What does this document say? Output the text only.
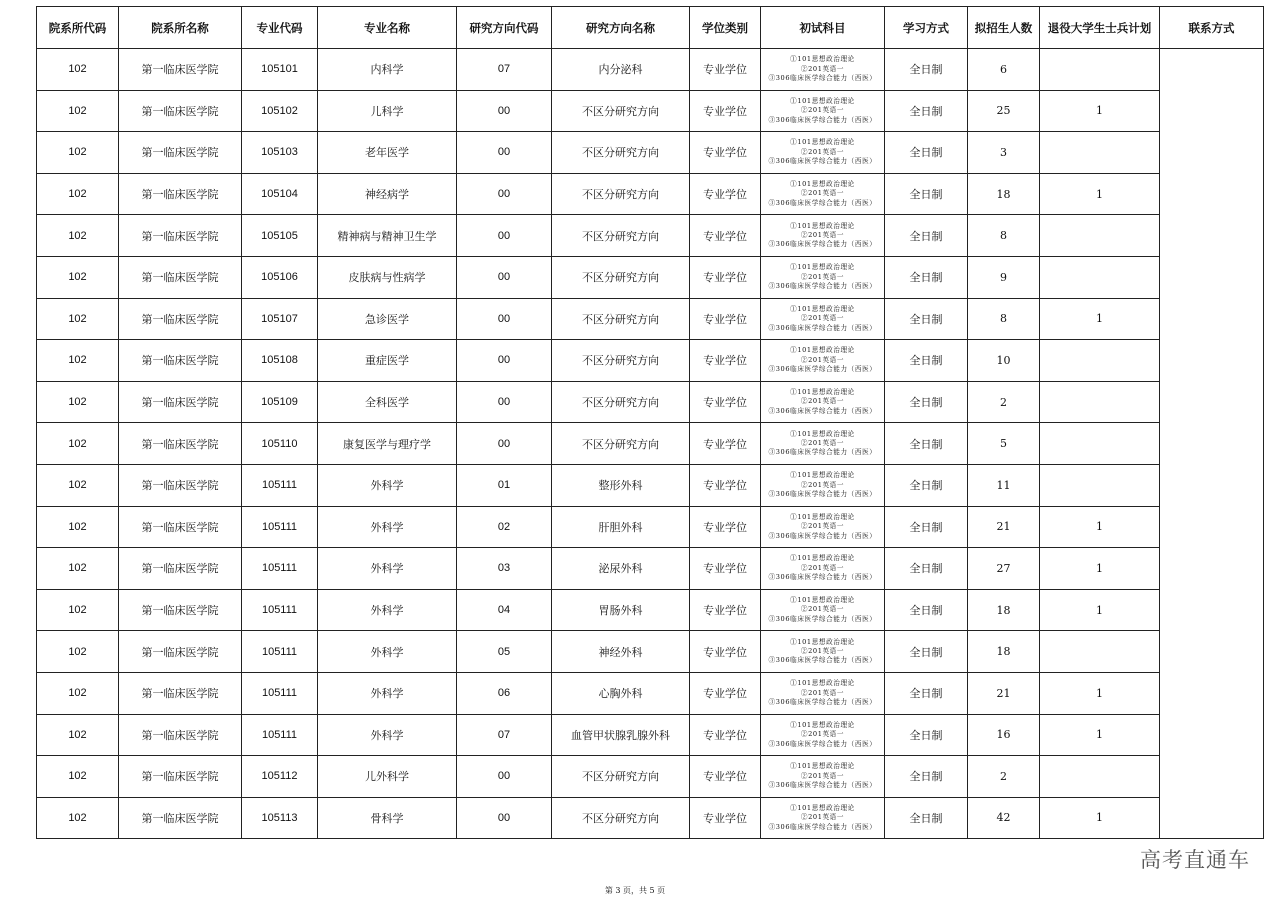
院系所代码	院系所名称	专业代码	专业名称	研究方向代码	研究方向名称	学位类别	初试科目	学习方式	拟招生人数	退役大学生士兵计划	联系方式
102	第一临床医学院	105101	内科学	07	内分泌科	专业学位	①101思想政治理论
②201英语一
③306临床医学综合能力（西医）	全日制	6		
102	第一临床医学院	105102	儿科学	00	不区分研究方向	专业学位	①101思想政治理论
②201英语一
③306临床医学综合能力（西医）	全日制	25	1	
102	第一临床医学院	105103	老年医学	00	不区分研究方向	专业学位	①101思想政治理论
②201英语一
③306临床医学综合能力（西医）	全日制	3		
102	第一临床医学院	105104	神经病学	00	不区分研究方向	专业学位	①101思想政治理论
②201英语一
③306临床医学综合能力（西医）	全日制	18	1	
102	第一临床医学院	105105	精神病与精神卫生学	00	不区分研究方向	专业学位	①101思想政治理论
②201英语一
③306临床医学综合能力（西医）	全日制	8		
102	第一临床医学院	105106	皮肤病与性病学	00	不区分研究方向	专业学位	①101思想政治理论
②201英语一
③306临床医学综合能力（西医）	全日制	9		
102	第一临床医学院	105107	急诊医学	00	不区分研究方向	专业学位	①101思想政治理论
②201英语一
③306临床医学综合能力（西医）	全日制	8	1	
102	第一临床医学院	105108	重症医学	00	不区分研究方向	专业学位	①101思想政治理论
②201英语一
③306临床医学综合能力（西医）	全日制	10		
102	第一临床医学院	105109	全科医学	00	不区分研究方向	专业学位	①101思想政治理论
②201英语一
③306临床医学综合能力（西医）	全日制	2		
102	第一临床医学院	105110	康复医学与理疗学	00	不区分研究方向	专业学位	①101思想政治理论
②201英语一
③306临床医学综合能力（西医）	全日制	5		
102	第一临床医学院	105111	外科学	01	整形外科	专业学位	①101思想政治理论
②201英语一
③306临床医学综合能力（西医）	全日制	11		
102	第一临床医学院	105111	外科学	02	肝胆外科	专业学位	①101思想政治理论
②201英语一
③306临床医学综合能力（西医）	全日制	21	1	
102	第一临床医学院	105111	外科学	03	泌尿外科	专业学位	①101思想政治理论
②201英语一
③306临床医学综合能力（西医）	全日制	27	1	
102	第一临床医学院	105111	外科学	04	胃肠外科	专业学位	①101思想政治理论
②201英语一
③306临床医学综合能力（西医）	全日制	18	1	
102	第一临床医学院	105111	外科学	05	神经外科	专业学位	①101思想政治理论
②201英语一
③306临床医学综合能力（西医）	全日制	18		
102	第一临床医学院	105111	外科学	06	心胸外科	专业学位	①101思想政治理论
②201英语一
③306临床医学综合能力（西医）	全日制	21	1	
102	第一临床医学院	105111	外科学	07	血管甲状腺乳腺外科	专业学位	①101思想政治理论
②201英语一
③306临床医学综合能力（西医）	全日制	16	1	
102	第一临床医学院	105112	儿外科学	00	不区分研究方向	专业学位	①101思想政治理论
②201英语一
③306临床医学综合能力（西医）	全日制	2		
102	第一临床医学院	105113	骨科学	00	不区分研究方向	专业学位	①101思想政治理论
②201英语一
③306临床医学综合能力（西医）	全日制	42	1	
第 3 页，共 5 页
高考直通车
